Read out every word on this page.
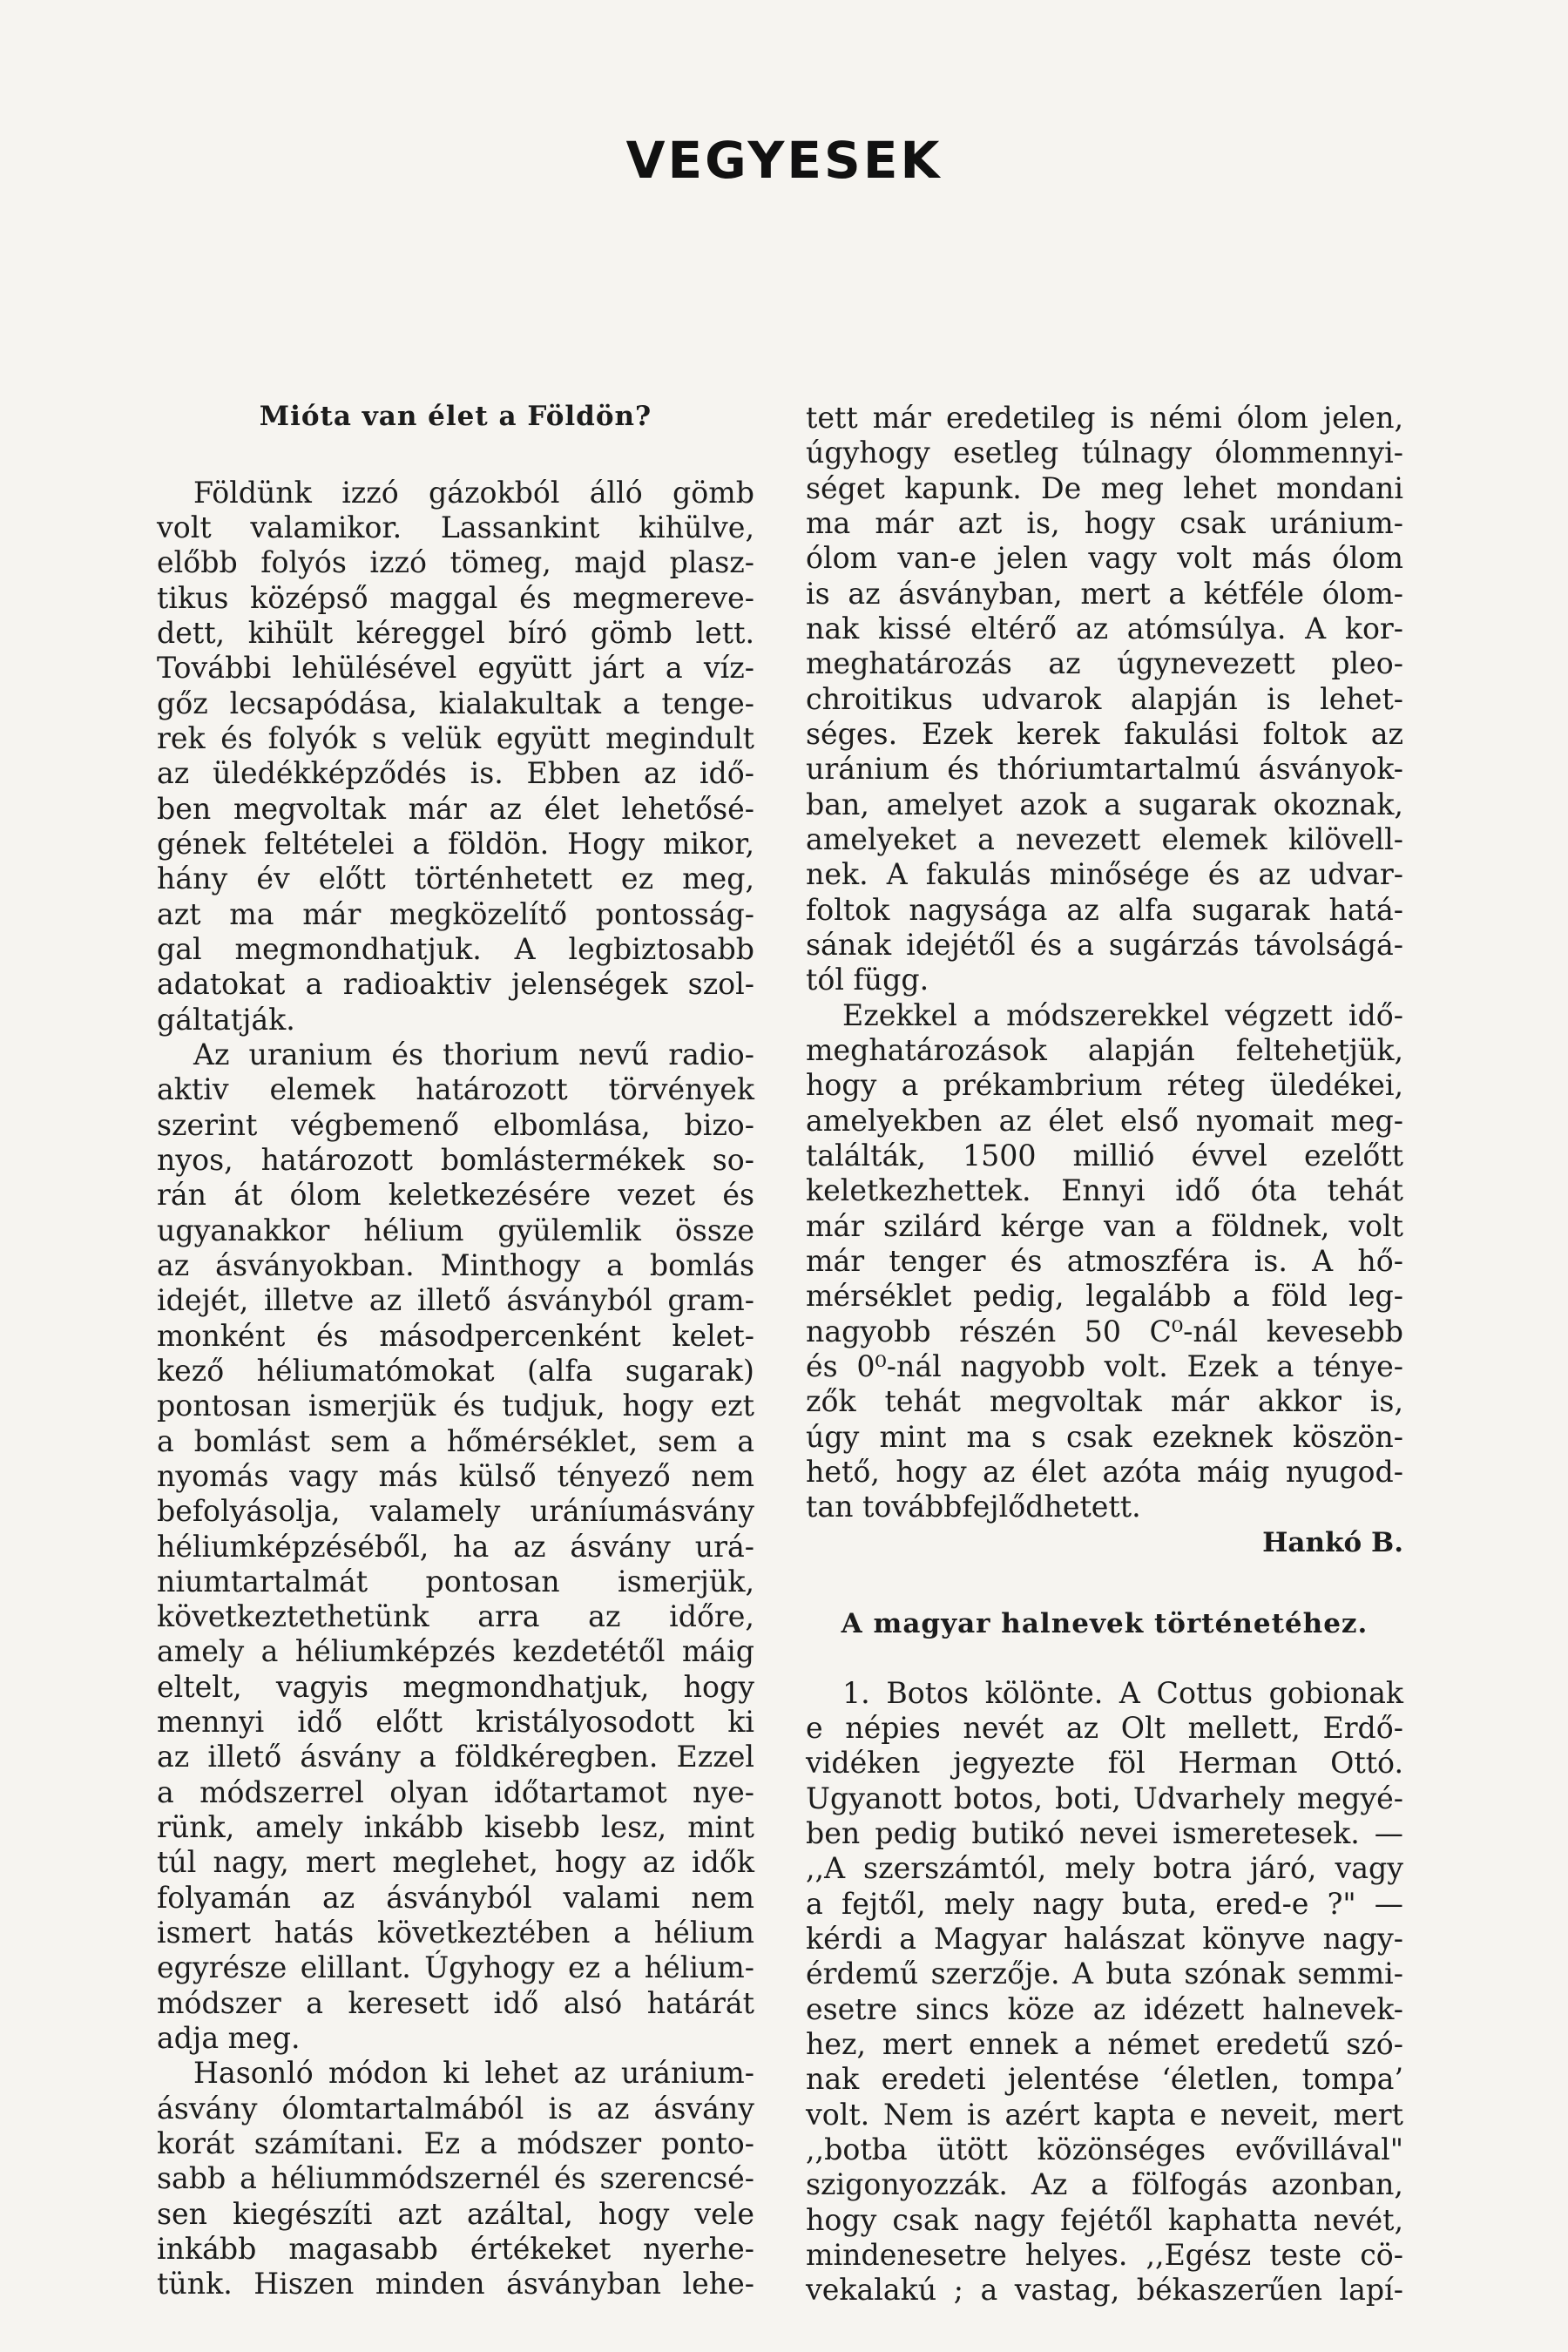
VEGYESEK
Mióta van élet a Földön?
Földünk izzó gázokból álló gömb
volt valamikor. Lassankint kihülve,
előbb folyós izzó tömeg, majd plasz-
tikus középső maggal és megmereve-
dett, kihült kéreggel bíró gömb lett.
További lehülésével együtt járt a víz-
gőz lecsapódása, kialakultak a tenge-
rek és folyók s velük együtt megindult
az üledékképződés is. Ebben az idő-
ben megvoltak már az élet lehetősé-
gének feltételei a földön. Hogy mikor,
hány év előtt történhetett ez meg,
azt ma már megközelítő pontosság-
gal megmondhatjuk. A legbiztosabb
adatokat a radioaktiv jelenségek szol-
gáltatják.
Az uranium és thorium nevű radio-
aktiv elemek határozott törvények
szerint végbemenő elbomlása, bizo-
nyos, határozott bomlástermékek so-
rán át ólom keletkezésére vezet és
ugyanakkor hélium gyülemlik össze
az ásványokban. Minthogy a bomlás
idejét, illetve az illető ásványból gram-
monként és másodpercenként kelet-
kező héliumatómokat (alfa sugarak)
pontosan ismerjük és tudjuk, hogy ezt
a bomlást sem a hőmérséklet, sem a
nyomás vagy más külső tényező nem
befolyásolja, valamely uráníumásvány
héliumképzéséből, ha az ásvány urá-
niumtartalmát pontosan ismerjük,
következtethetünk arra az időre,
amely a héliumképzés kezdetétől máig
eltelt, vagyis megmondhatjuk, hogy
mennyi idő előtt kristályosodott ki
az illető ásvány a földkéregben. Ezzel
a módszerrel olyan időtartamot nye-
rünk, amely inkább kisebb lesz, mint
túl nagy, mert meglehet, hogy az idők
folyamán az ásványból valami nem
ismert hatás következtében a hélium
egyrésze elillant. Úgyhogy ez a hélium-
módszer a keresett idő alsó határát
adja meg.
Hasonló módon ki lehet az uránium-
ásvány ólomtartalmából is az ásvány
korát számítani. Ez a módszer ponto-
sabb a héliummódszernél és szerencsé-
sen kiegészíti azt azáltal, hogy vele
inkább magasabb értékeket nyerhe-
tünk. Hiszen minden ásványban lehe-
tett már eredetileg is némi ólom jelen,
úgyhogy esetleg túlnagy ólommennyi-
séget kapunk. De meg lehet mondani
ma már azt is, hogy csak uránium-
ólom van-e jelen vagy volt más ólom
is az ásványban, mert a kétféle ólom-
nak kissé eltérő az atómsúlya. A kor-
meghatározás az úgynevezett pleo-
chroitikus udvarok alapján is lehet-
séges. Ezek kerek fakulási foltok az
uránium és thóriumtartalmú ásványok-
ban, amelyet azok a sugarak okoznak,
amelyeket a nevezett elemek kilövell-
nek. A fakulás minősége és az udvar-
foltok nagysága az alfa sugarak hatá-
sának idejétől és a sugárzás távolságá-
tól függ.
Ezekkel a módszerekkel végzett idő-
meghatározások alapján feltehetjük,
hogy a prékambrium réteg üledékei,
amelyekben az élet első nyomait meg-
találták, 1500 millió évvel ezelőtt
keletkezhettek. Ennyi idő óta tehát
már szilárd kérge van a földnek, volt
már tenger és atmoszféra is. A hő-
mérséklet pedig, legalább a föld leg-
nagyobb részén 50 C⁰-nál kevesebb
és 0⁰-nál nagyobb volt. Ezek a tényе-
zők tehát megvoltak már akkor is,
úgy mint ma s csak ezeknek köszön-
hető, hogy az élet azóta máig nyugod-
tan továbbfejlődhetett.
Hankó B.
A magyar halnevek történetéhez.
1. Botos kölönte. A Cottus gobionak
e népies nevét az Olt mellett, Erdő-
vidéken jegyezte föl Herman Ottó.
Ugyanott botos, boti, Udvarhely megyé-
ben pedig butikó nevei ismeretesek. —
,,A szerszámtól, mely botra járó, vagy
a fejtől, mely nagy buta, ered-e ?" —
kérdi a Magyar halászat könyve nagy-
érdemű szerzője. A buta szónak semmi-
esetre sincs köze az idézett halnevek-
hez, mert ennek a német eredetű szó-
nak eredeti jelentése ‘életlen, tompa’
volt. Nem is azért kapta e neveit, mert
,,botba ütött közönséges evővillával"
szigonyozzák. Az a fölfogás azonban,
hogy csak nagy fejétől kaphatta nevét,
mindenesetre helyes. ,,Egész teste cö-
vekalakú ; a vastag, békaszerűen lapí-
